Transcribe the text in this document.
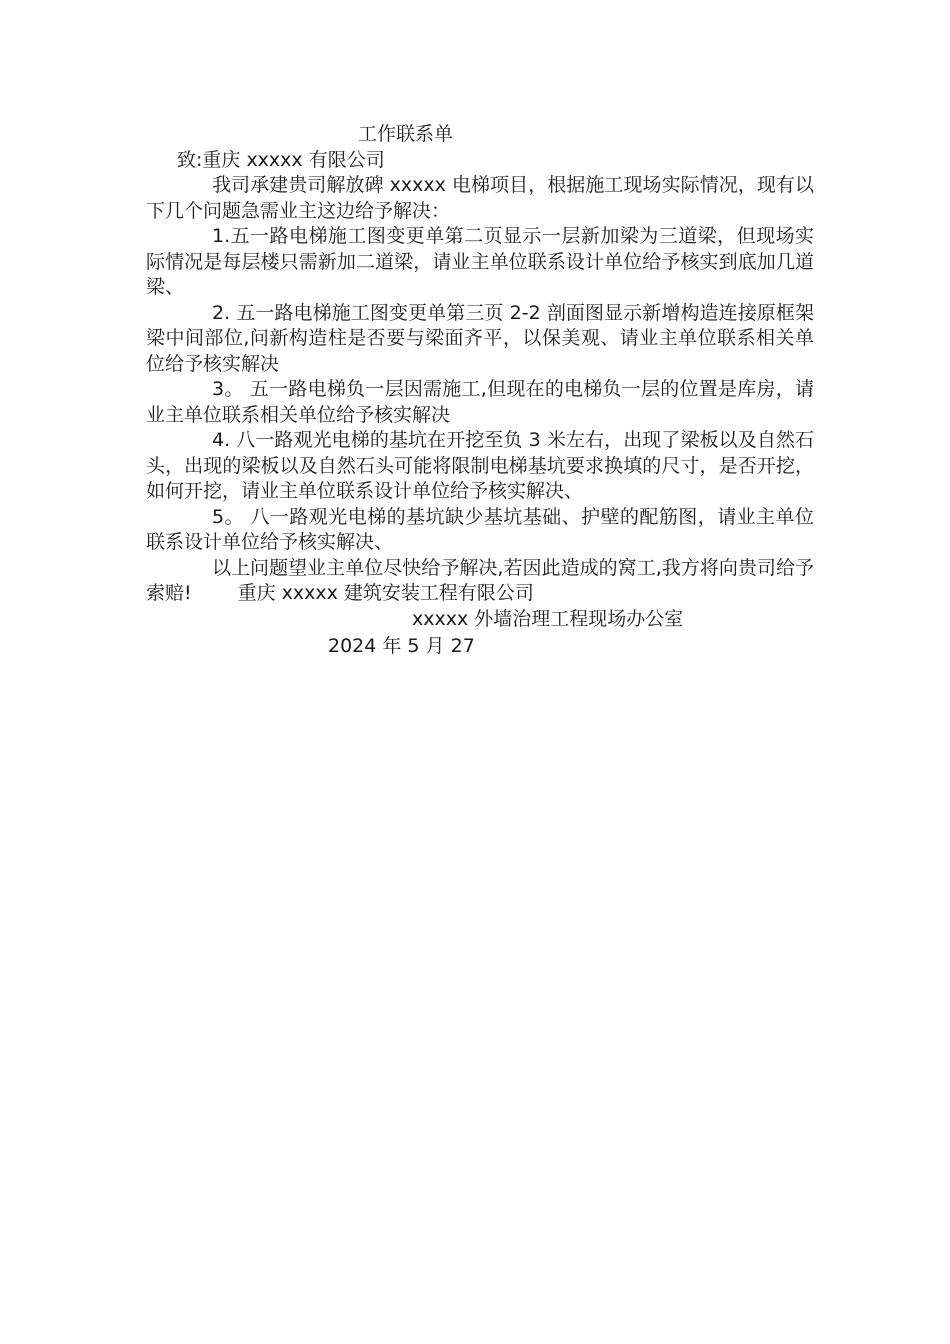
工作联系单
致:重庆 xxxxx 有限公司

我司承建贵司解放碑 xxxxx 电梯项目，根据施工现场实际情况，现有以下几个问题急需业主这边给予解决：

1.五一路电梯施工图变更单第二页显示一层新加梁为三道梁，但现场实际情况是每层楼只需新加二道梁，请业主单位联系设计单位给予核实到底加几道梁、

2. 五一路电梯施工图变更单第三页 2-2 剖面图显示新增构造连接原框架梁中间部位,问新构造柱是否要与梁面齐平，以保美观、请业主单位联系相关单位给予核实解决

3。 五一路电梯负一层因需施工,但现在的电梯负一层的位置是库房，请业主单位联系相关单位给予核实解决

4. 八一路观光电梯的基坑在开挖至负 3 米左右，出现了梁板以及自然石头，出现的梁板以及自然石头可能将限制电梯基坑要求换填的尺寸，是否开挖，如何开挖，请业主单位联系设计单位给予核实解决、

5。 八一路观光电梯的基坑缺少基坑基础、护壁的配筋图，请业主单位联系设计单位给予核实解决、

以上问题望业主单位尽快给予解决,若因此造成的窝工,我方将向贵司给予索赔! 重庆 xxxxx 建筑安装工程有限公司

xxxxx 外墙治理工程现场办公室
2024 年 5 月 27
